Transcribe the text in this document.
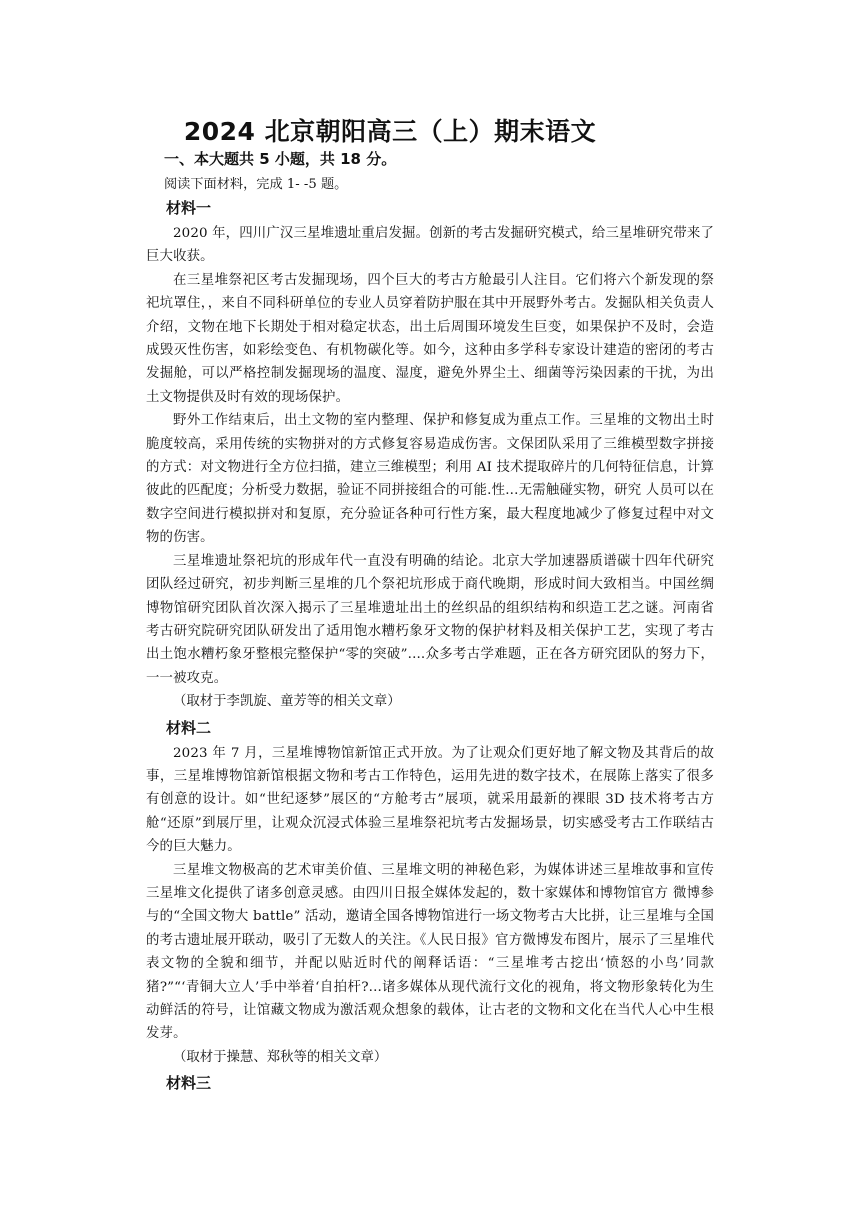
2024 北京朝阳高三（上）期末语文
一、本大题共 5 小题，共 18 分。
阅读下面材料，完成 1- -5 题。
材料一

2020 年，四川广汉三星堆遗址重启发掘。创新的考古发掘研究模式，给三星堆研究带来了巨大收获。

在三星堆祭祀区考古发掘现场，四个巨大的考古方舱最引人注目。它们将六个新发现的祭祀坑罩住，，来自不同科研单位的专业人员穿着防护服在其中开展野外考古。发掘队相关负责人介绍，文物在地下长期处于相对稳定状态，出土后周围环境发生巨变，如果保护不及时，会造成毁灭性伤害，如彩绘变色、有机物碳化等。如今，这种由多学科专家设计建造的密闭的考古发掘舱，可以严格控制发掘现场的温度、湿度，避免外界尘土、细菌等污染因素的干扰，为出土文物提供及时有效的现场保护。

野外工作结束后，出土文物的室内整理、保护和修复成为重点工作。三星堆的文物出土时脆度较高，采用传统的实物拼对的方式修复容易造成伤害。文保团队采用了三维模型数字拼接的方式：对文物进行全方位扫描，建立三维模型；利用 AI 技术提取碎片的几何特征信息，计算彼此的匹配度；分析受力数据，验证不同拼接组合的可能.性...无需触碰实物，研究 人员可以在数字空间进行模拟拼对和复原，充分验证各种可行性方案，最大程度地减少了修复过程中对文物的伤害。

三星堆遗址祭祀坑的形成年代一直没有明确的结论。北京大学加速器质谱碳十四年代研究团队经过研究，初步判断三星堆的几个祭祀坑形成于商代晚期，形成时间大致相当。中国丝绸博物馆研究团队首次深入揭示了三星堆遗址出土的丝织品的组织结构和织造工艺之谜。河南省考古研究院研究团队研发出了适用饱水糟朽象牙文物的保护材料及相关保护工艺，实现了考古出土饱水糟朽象牙整根完整保护“零的突破”....众多考古学难题，正在各方研究团队的努力下，一一被攻克。

（取材于李凯旋、童芳等的相关文章）

材料二

2023 年 7 月，三星堆博物馆新馆正式开放。为了让观众们更好地了解文物及其背后的故事，三星堆博物馆新馆根据文物和考古工作特色，运用先进的数字技术，在展陈上落实了很多有创意的设计。如“世纪逐梦”展区的“方舱考古”展项，就采用最新的裸眼 3D 技术将考古方舱“还原”到展厅里，让观众沉浸式体验三星堆祭祀坑考古发掘场景，切实感受考古工作联结古今的巨大魅力。

三星堆文物极高的艺术审美价值、三星堆文明的神秘色彩，为媒体讲述三星堆故事和宣传三星堆文化提供了诸多创意灵感。由四川日报全媒体发起的，数十家媒体和博物馆官方 微博参与的“全国文物大 battle” 活动，邀请全国各博物馆进行一场文物考古大比拼，让三星堆与全国的考古遗址展开联动，吸引了无数人的关注。《人民日报》官方微博发布图片，展示了三星堆代表文物的全貌和细节，并配以贴近时代的阐释话语：“三星堆考古挖出‘愤怒的小鸟’同款猪?”“‘青铜大立人’手中举着‘自拍杆?...诸多媒体从现代流行文化的视角，将文物形象转化为生动鲜活的符号，让馆藏文物成为激活观众想象的载体，让古老的文物和文化在当代人心中生根发芽。

（取材于操慧、郑秋等的相关文章）

材料三
